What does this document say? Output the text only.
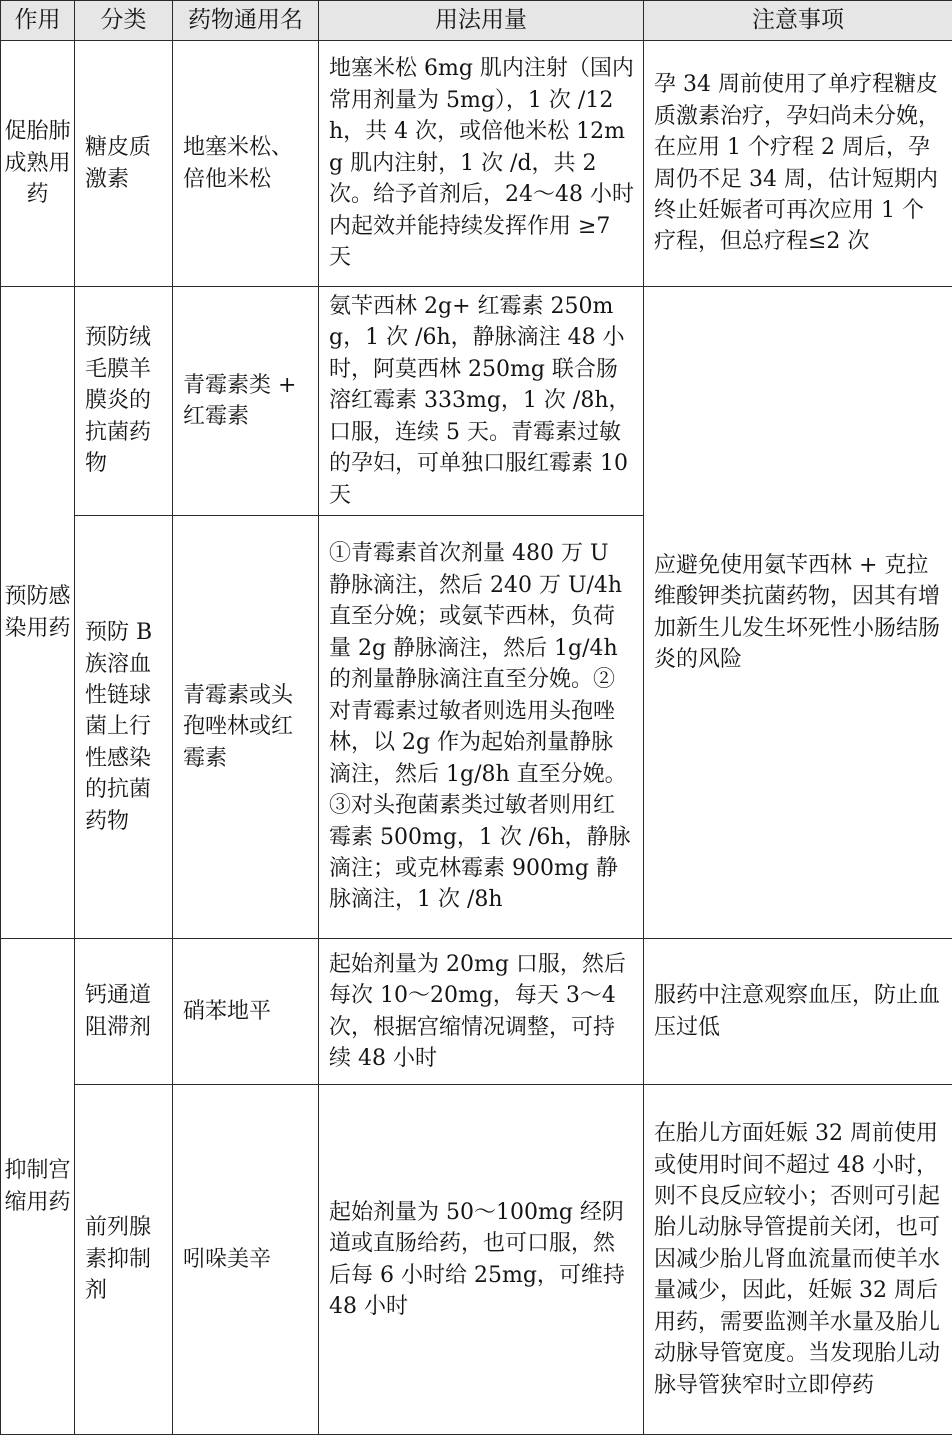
作用	分类	药物通用名	用法用量	注意事项
促胎肺成熟用药	糖皮质激素	地塞米松、倍他米松	地塞米松 6mg 肌内注射（国内常用剂量为 5mg），1 次 /12h，共 4 次，或倍他米松 12mg 肌内注射，1 次 /d，共 2 次。给予首剂后，24～48 小时内起效并能持续发挥作用 ≥7 天	孕 34 周前使用了单疗程糖皮质激素治疗，孕妇尚未分娩，在应用 1 个疗程 2 周后，孕周仍不足 34 周，估计短期内终止妊娠者可再次应用 1 个疗程，但总疗程≤2 次
预防感染用药	预防绒毛膜羊膜炎的抗菌药物	青霉素类 + 红霉素	氨苄西林 2g+ 红霉素 250mg，1 次 /6h，静脉滴注 48 小时，阿莫西林 250mg 联合肠溶红霉素 333mg，1 次 /8h，口服，连续 5 天。青霉素过敏的孕妇，可单独口服红霉素 10 天	应避免使用氨苄西林 + 克拉维酸钾类抗菌药物，因其有增加新生儿发生坏死性小肠结肠炎的风险
	预防 B 族溶血性链球菌上行性感染的抗菌药物	青霉素或头孢唑林或红霉素	①青霉素首次剂量 480 万 U 静脉滴注，然后 240 万 U/4h 直至分娩；或氨苄西林，负荷量 2g 静脉滴注，然后 1g/4h 的剂量静脉滴注直至分娩。②对青霉素过敏者则选用头孢唑林，以 2g 作为起始剂量静脉滴注，然后 1g/8h 直至分娩。③对头孢菌素类过敏者则用红霉素 500mg，1 次 /6h，静脉滴注；或克林霉素 900mg 静脉滴注，1 次 /8h	
抑制宫缩用药	钙通道阻滞剂	硝苯地平	起始剂量为 20mg 口服，然后每次 10～20mg，每天 3～4 次，根据宫缩情况调整，可持续 48 小时	服药中注意观察血压，防止血压过低
	前列腺素抑制剂	吲哚美辛	起始剂量为 50～100mg 经阴道或直肠给药，也可口服，然后每 6 小时给 25mg，可维持 48 小时	在胎儿方面妊娠 32 周前使用或使用时间不超过 48 小时，则不良反应较小；否则可引起胎儿动脉导管提前关闭，也可因减少胎儿肾血流量而使羊水量减少，因此，妊娠 32 周后用药，需要监测羊水量及胎儿动脉导管宽度。当发现胎儿动脉导管狭窄时立即停药
